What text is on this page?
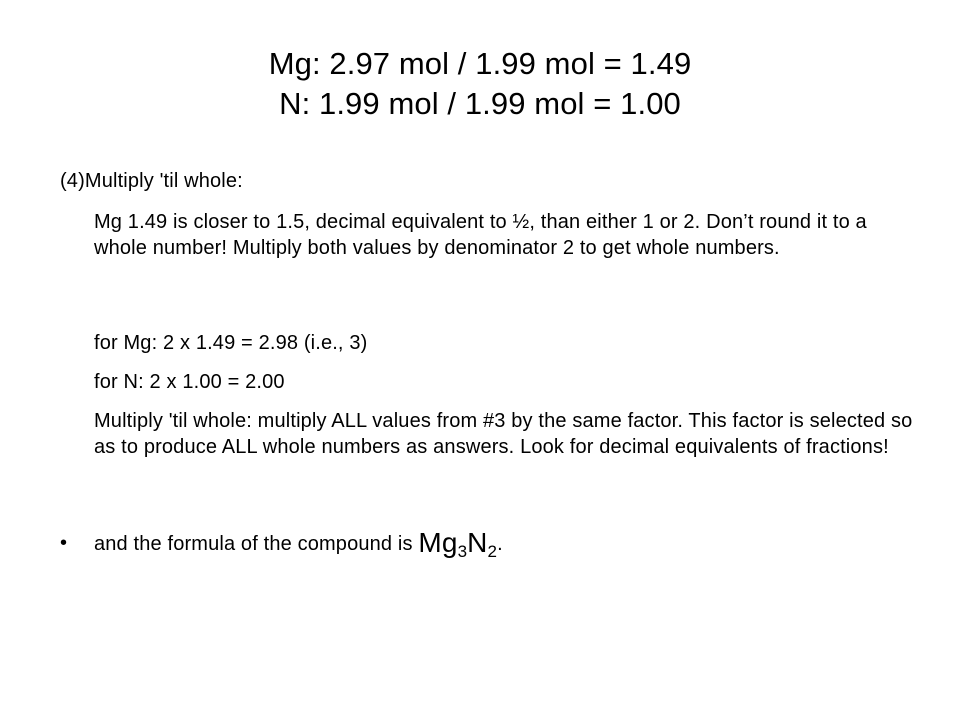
Mg: 2.97 mol / 1.99 mol = 1.49
N: 1.99 mol / 1.99 mol = 1.00
(4)Multiply 'til whole:
Mg 1.49 is closer to 1.5, decimal equivalent to ½, than either 1 or 2. Don’t round it to a whole number! Multiply both values by denominator 2 to get whole numbers.
for Mg: 2 x 1.49 = 2.98 (i.e., 3)
for N: 2 x 1.00 = 2.00
Multiply 'til whole: multiply ALL values from #3 by the same factor. This factor is selected so as to produce ALL whole numbers as answers. Look for decimal equivalents of fractions!
• and the formula of the compound is $Mg_3N_2$.
